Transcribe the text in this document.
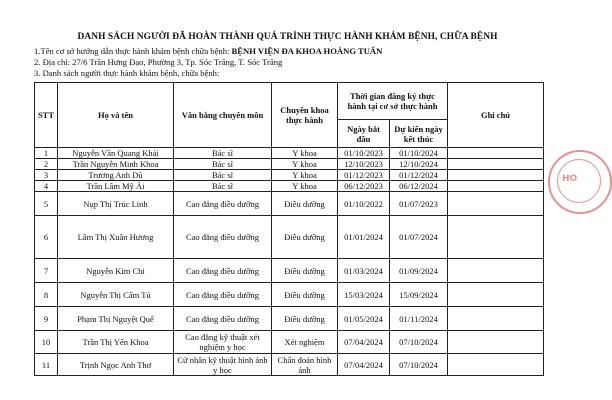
DANH SÁCH NGƯỜI ĐÃ HOÀN THÀNH QUÁ TRÌNH THỰC HÀNH KHÁM BỆNH, CHỮA BỆNH
1.Tên cơ sở hướng dẫn thực hành khám bệnh chữa bệnh: BỆNH VIỆN ĐA KHOA HOÀNG TUẤN
2. Địa chỉ: 27/6 Trần Hưng Đạo, Phường 3, Tp. Sóc Trăng, T. Sóc Trăng
3. Danh sách người thực hành khám bệnh, chữa bệnh:
STT	Họ và tên	Văn bằng chuyên môn	Chuyên khoa thực hành	Thời gian đăng ký thực hành tại cơ sở thực hành		Ghi chú
				Ngày bắt đầu	Dự kiến ngày kết thúc	
1	Nguyễn Văn Quang Khải	Bác sĩ	Y khoa	01/10/2023	01/10/2024	
2	Trần Nguyễn Minh Khoa	Bác sĩ	Y khoa	12/10/2023	12/10/2024	
3	Trương Anh Dũ	Bác sĩ	Y khoa	01/12/2023	01/12/2024	
4	Trần Lâm Mỹ Ái	Bác sĩ	Y khoa	06/12/2023	06/12/2024	
5	Nụp Thị Trúc Linh	Cao đẳng điều dưỡng	Điều dưỡng	01/10/2022	01/07/2023	
6	Lâm Thị Xuân Hương	Cao đẳng điều dưỡng	Điều dưỡng	01/01/2024	01/07/2024	
7	Nguyễn Kim Chi	Cao đẳng điều dưỡng	Điều dưỡng	01/03/2024	01/09/2024	
8	Nguyễn Thị Cẩm Tú	Cao đẳng điều dưỡng	Điều dưỡng	15/03/2024	15/09/2024	
9	Phạm Thị Nguyệt Quế	Cao đẳng điều dưỡng	Điều dưỡng	01/05/2024	01/11/2024	
10	Trần Thị Yến Khoa	Cao đẳng kỹ thuật xét nghiệm y học	Xét nghiệm	07/04/2024	07/10/2024	
11	Trịnh Ngọc Anh Thơ	Cử nhân kỹ thuật hình ảnh y học	Chẩn đoán hình ảnh	07/04/2024	07/10/2024	
HO
